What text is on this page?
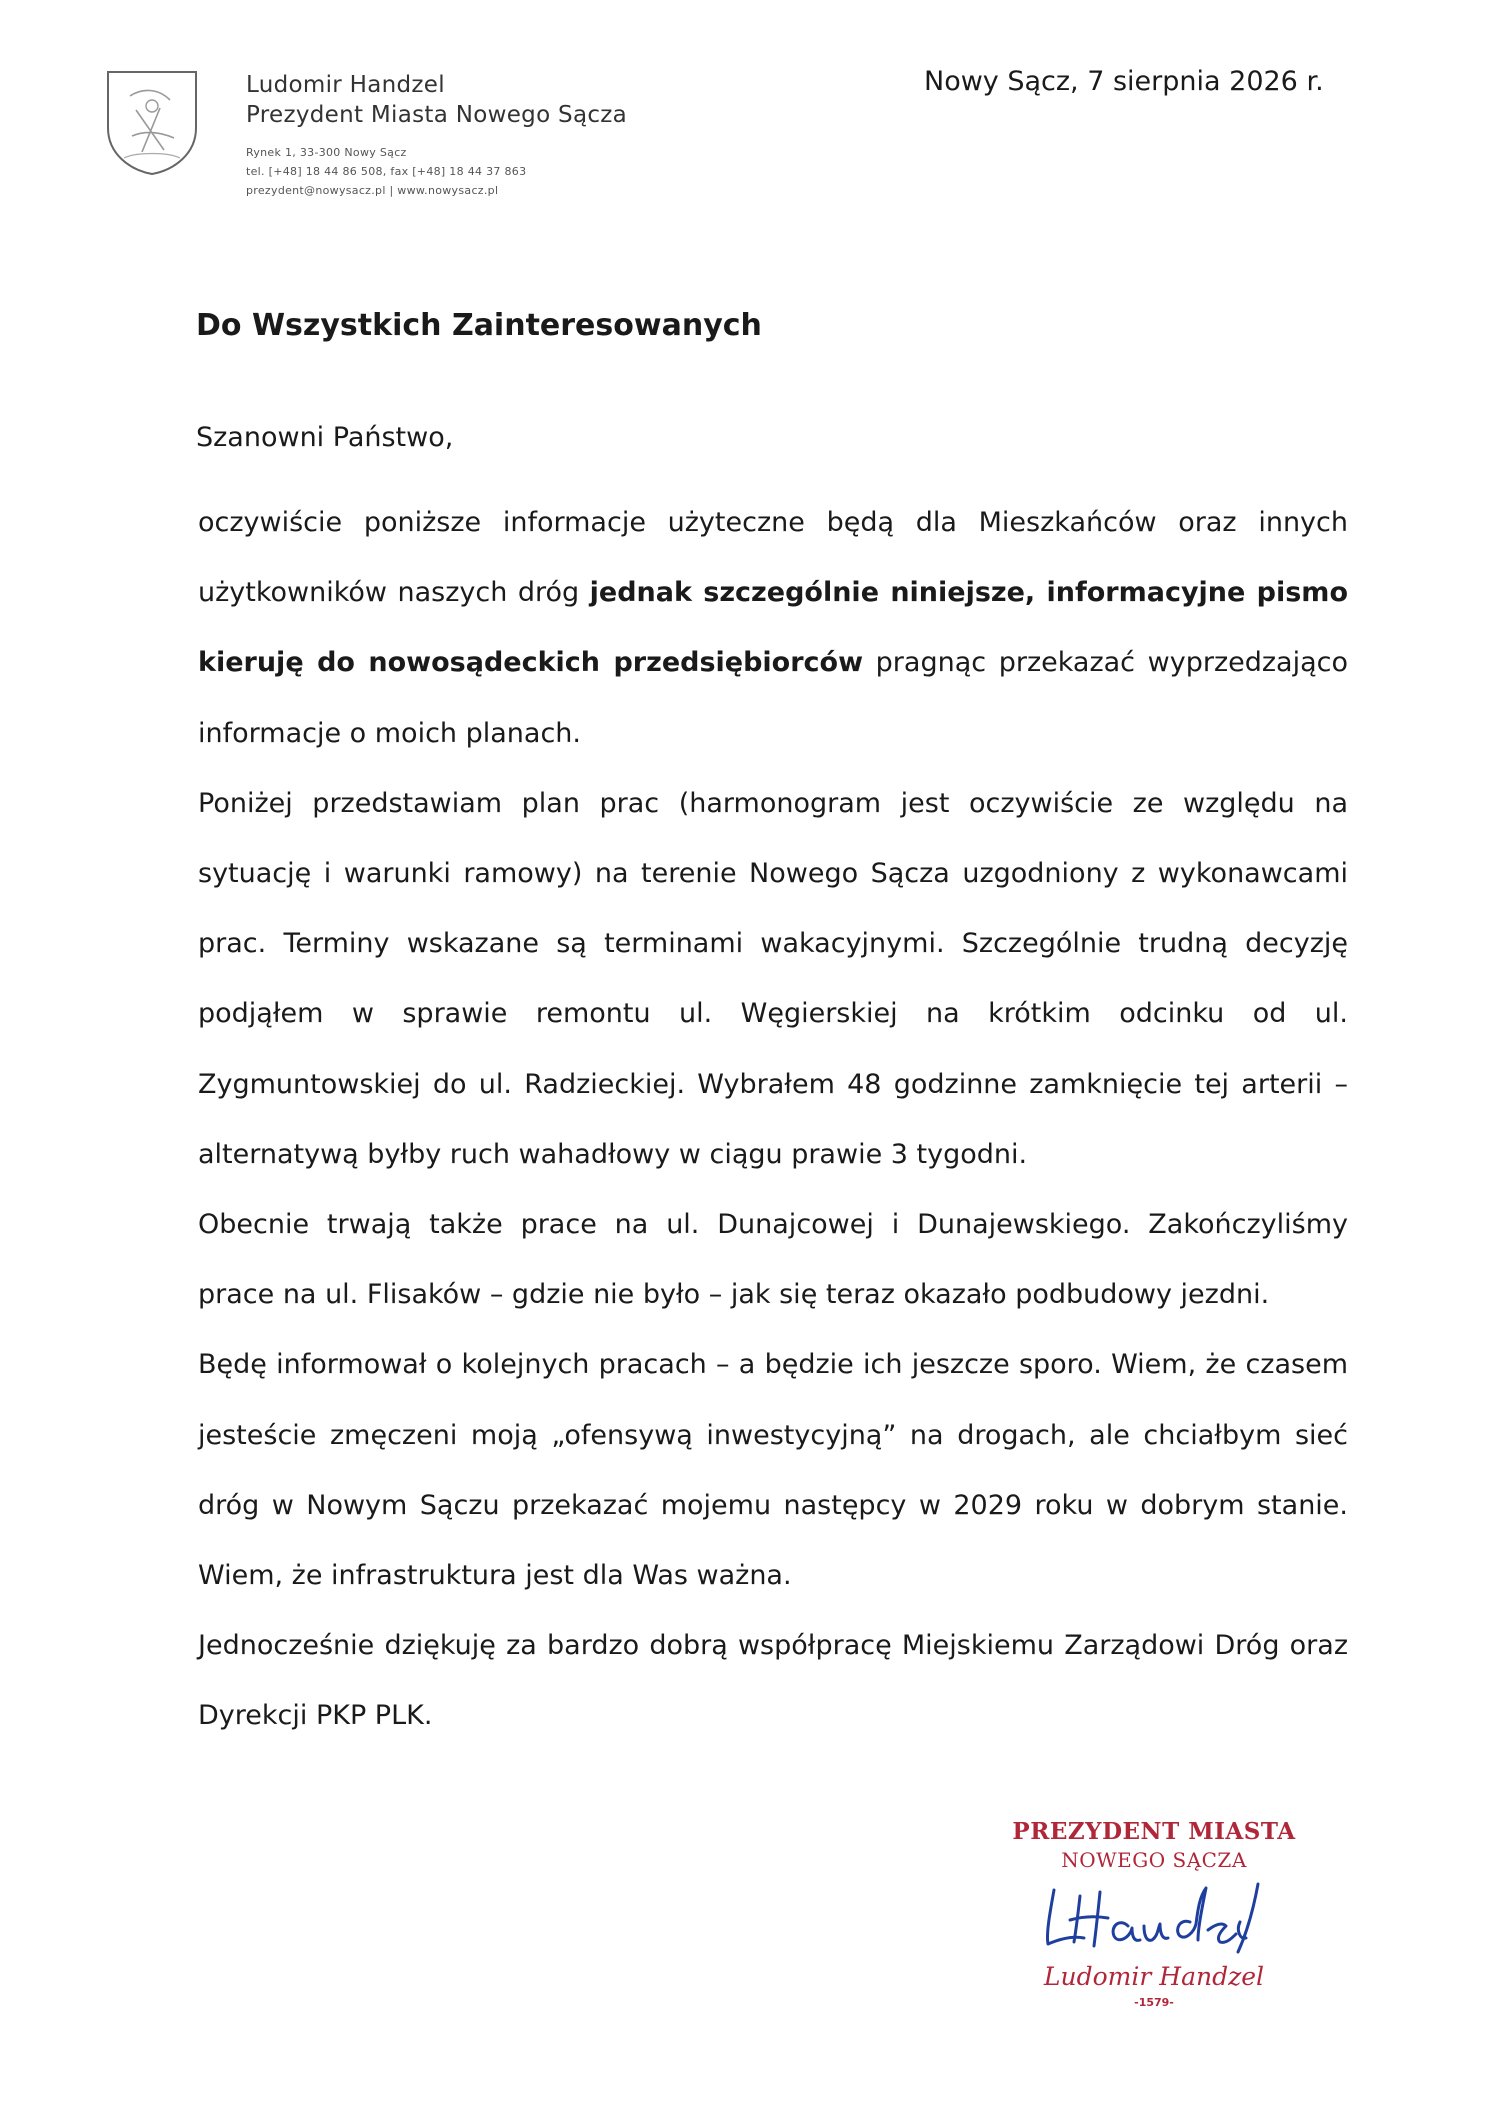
Ludomir Handzel
Prezydent Miasta Nowego Sącza
Rynek 1, 33-300 Nowy Sącz
tel. [+48] 18 44 86 508, fax [+48] 18 44 37 863
prezydent@nowysacz.pl | www.nowysacz.pl
Nowy Sącz, 7 sierpnia 2026 r.
Do Wszystkich Zainteresowanych
Szanowni Państwo,

oczywiście poniższe informacje użyteczne będą dla Mieszkańców oraz innych użytkowników naszych dróg jednak szczególnie niniejsze, informacyjne pismo kieruję do nowosądeckich przedsiębiorców pragnąc przekazać wyprzedzająco informacje o moich planach.

Poniżej przedstawiam plan prac (harmonogram jest oczywiście ze względu na sytuację i warunki ramowy) na terenie Nowego Sącza uzgodniony z wykonawcami prac. Terminy wskazane są terminami wakacyjnymi. Szczególnie trudną decyzję podjąłem w sprawie remontu ul. Węgierskiej na krótkim odcinku od ul. Zygmuntowskiej do ul. Radzieckiej. Wybrałem 48 godzinne zamknięcie tej arterii – alternatywą byłby ruch wahadłowy w ciągu prawie 3 tygodni.

Obecnie trwają także prace na ul. Dunajcowej i Dunajewskiego. Zakończyliśmy prace na ul. Flisaków – gdzie nie było – jak się teraz okazało podbudowy jezdni.

Będę informował o kolejnych pracach – a będzie ich jeszcze sporo. Wiem, że czasem jesteście zmęczeni moją „ofensywą inwestycyjną” na drogach, ale chciałbym sieć dróg w Nowym Sączu przekazać mojemu następcy w 2029 roku w dobrym stanie. Wiem, że infrastruktura jest dla Was ważna.

Jednocześnie dziękuję za bardzo dobrą współpracę Miejskiemu Zarządowi Dróg oraz Dyrekcji PKP PLK.

PREZYDENT MIASTA
NOWEGO SĄCZA
Ludomir Handzel
-1579-
